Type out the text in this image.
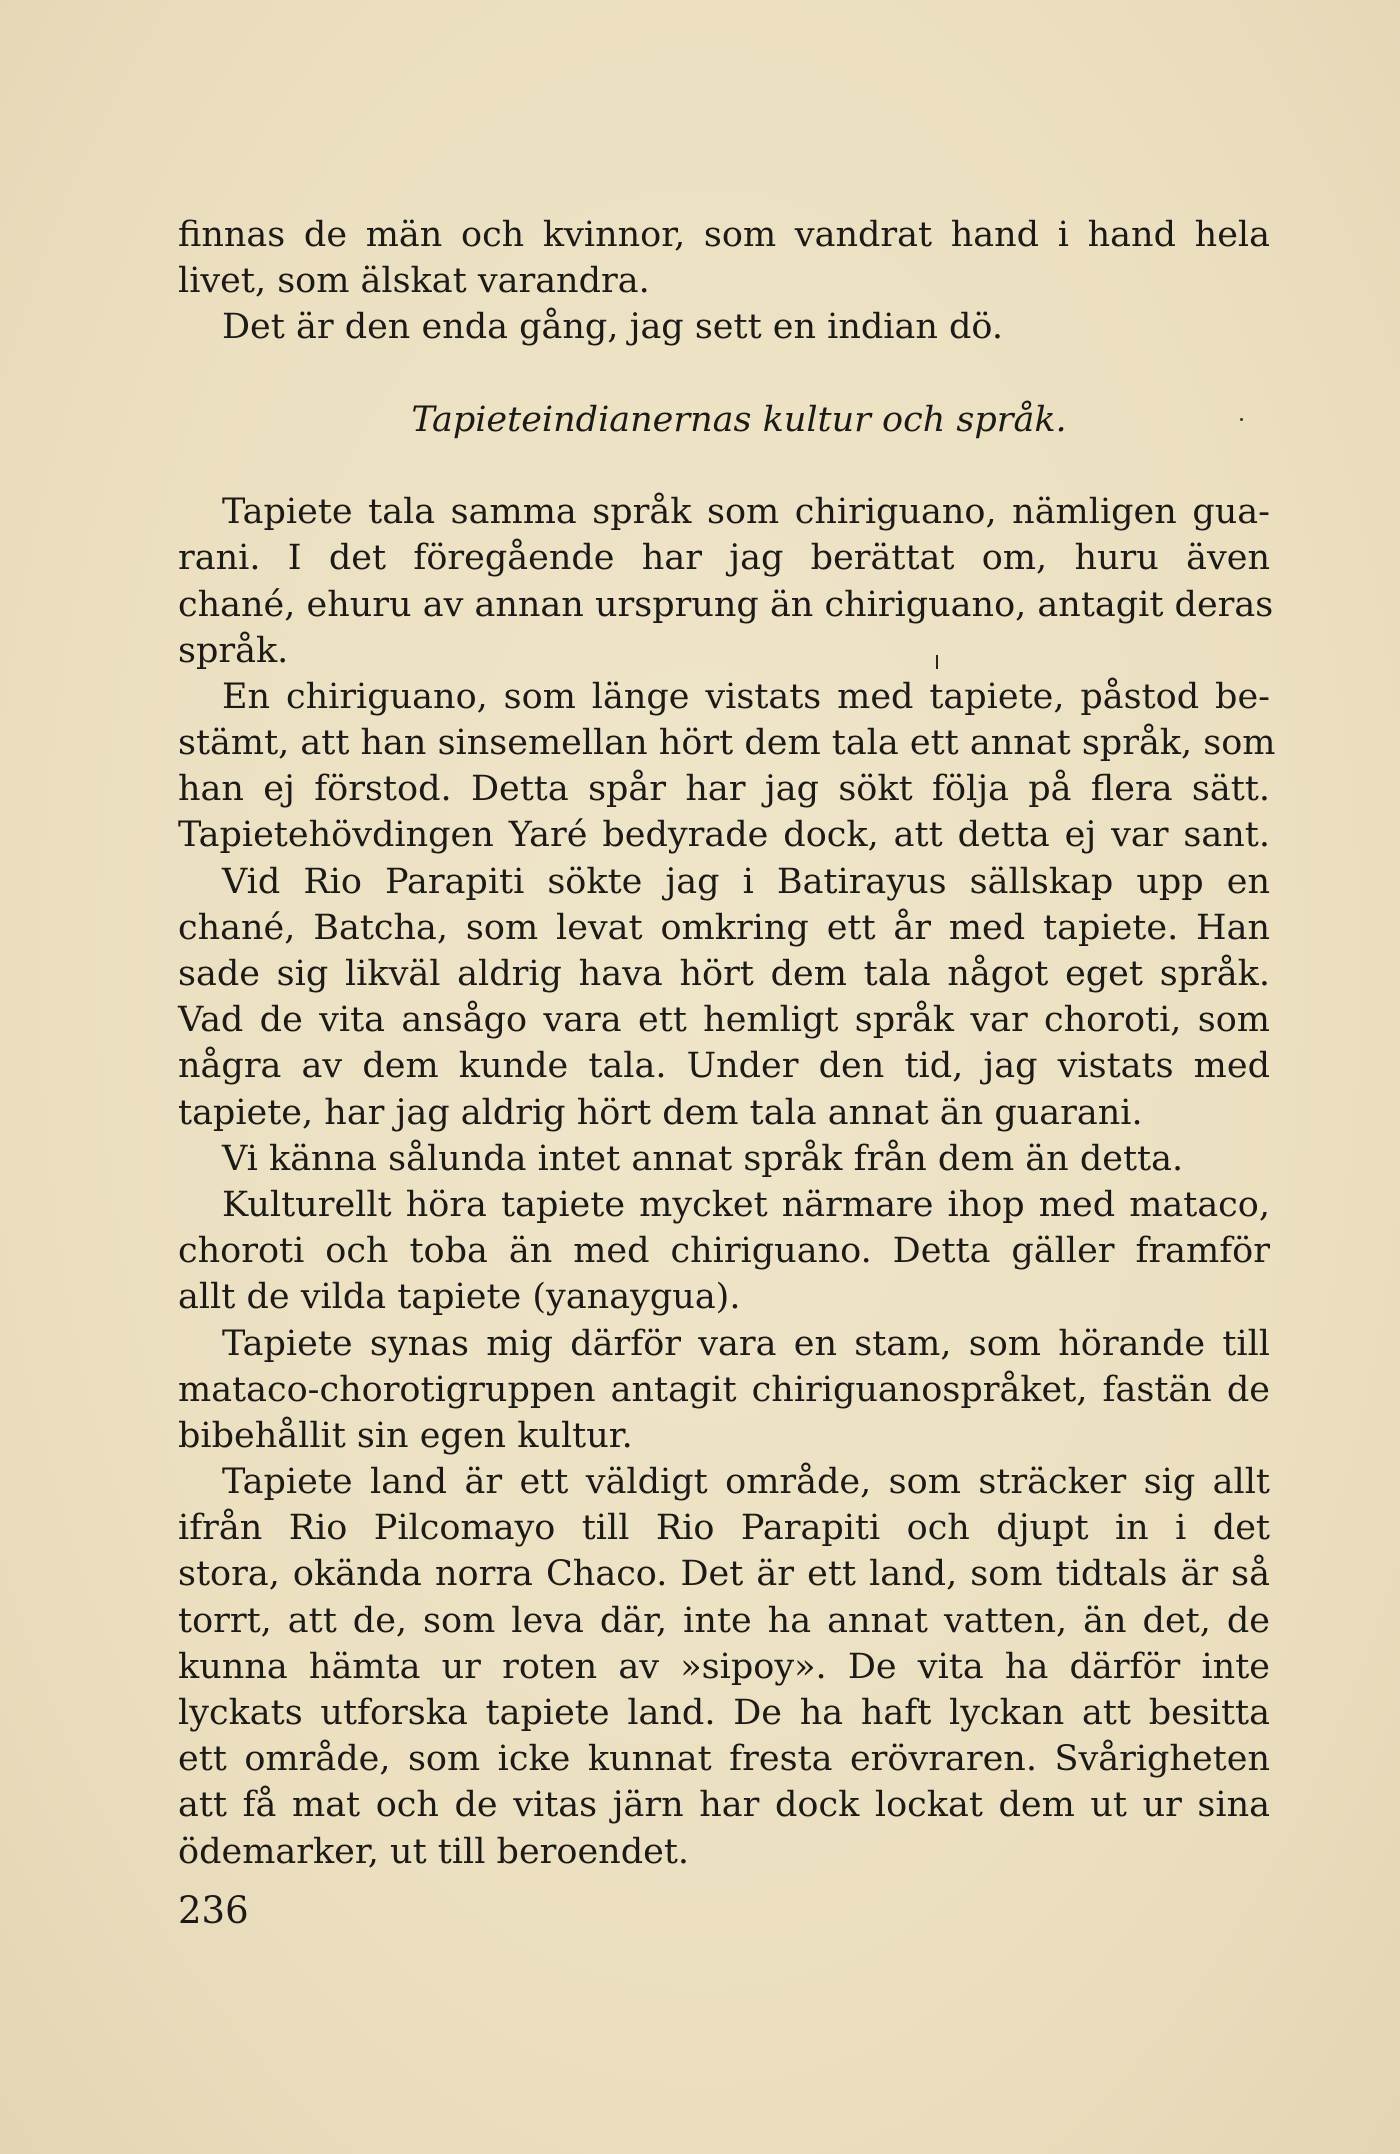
finnas de män och kvinnor, som vandrat hand i hand hela
livet, som älskat varandra.
Det är den enda gång, jag sett en indian dö.
Tapieteindianernas kultur och språk.
Tapiete tala samma språk som chiriguano, nämligen gua-
rani. I det föregående har jag berättat om, huru även
chané, ehuru av annan ursprung än chiriguano, antagit deras
språk.
En chiriguano, som länge vistats med tapiete, påstod be-
stämt, att han sinsemellan hört dem tala ett annat språk, som
han ej förstod. Detta spår har jag sökt följa på flera sätt.
Tapietehövdingen Yaré bedyrade dock, att detta ej var sant.
Vid Rio Parapiti sökte jag i Batirayus sällskap upp en
chané, Batcha, som levat omkring ett år med tapiete. Han
sade sig likväl aldrig hava hört dem tala något eget språk.
Vad de vita ansågo vara ett hemligt språk var choroti, som
några av dem kunde tala. Under den tid, jag vistats med
tapiete, har jag aldrig hört dem tala annat än guarani.
Vi känna sålunda intet annat språk från dem än detta.
Kulturellt höra tapiete mycket närmare ihop med mataco,
choroti och toba än med chiriguano. Detta gäller framför
allt de vilda tapiete (yanaygua).
Tapiete synas mig därför vara en stam, som hörande till
mataco-chorotigruppen antagit chiriguanospråket, fastän de
bibehållit sin egen kultur.
Tapiete land är ett väldigt område, som sträcker sig allt
ifrån Rio Pilcomayo till Rio Parapiti och djupt in i det
stora, okända norra Chaco. Det är ett land, som tidtals är så
torrt, att de, som leva där, inte ha annat vatten, än det, de
kunna hämta ur roten av »sipoy». De vita ha därför inte
lyckats utforska tapiete land. De ha haft lyckan att besitta
ett område, som icke kunnat fresta erövraren. Svårigheten
att få mat och de vitas järn har dock lockat dem ut ur sina
ödemarker, ut till beroendet.
236
